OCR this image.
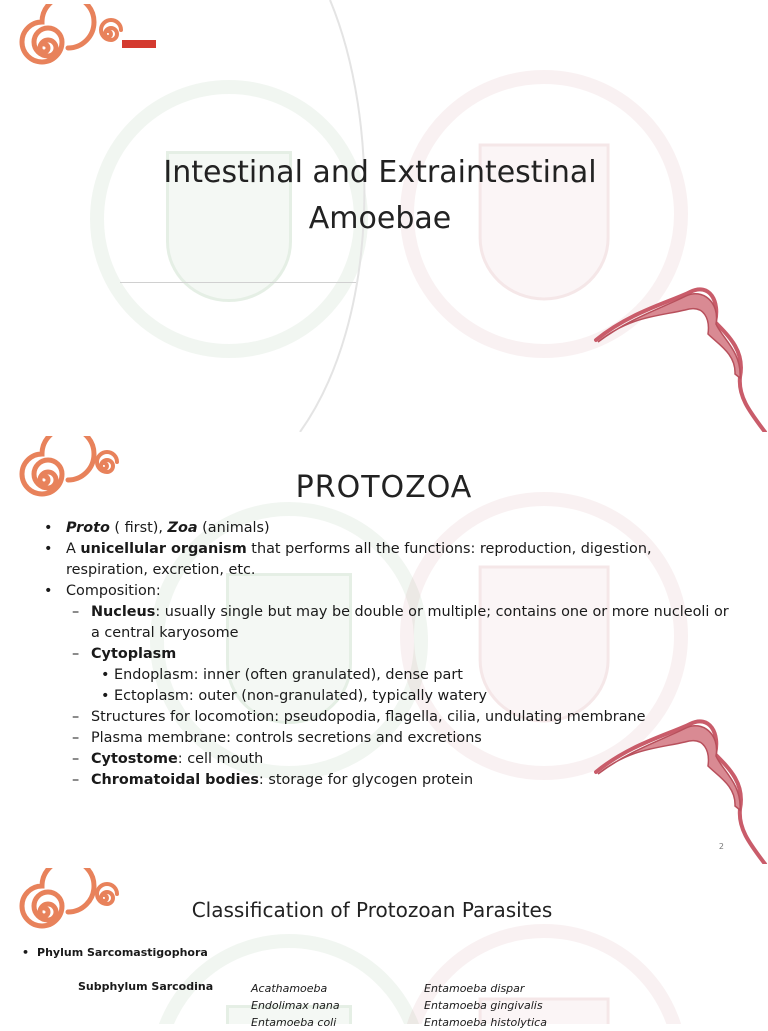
Intestinal and Extraintestinal
Amoebae
PROTOZOA
• Proto ( first), Zoa (animals)
• A unicellular organism that performs all the functions: reproduction, digestion, respiration, excretion, etc.
• Composition:
– Nucleus: usually single but may be double or multiple; contains one or more nucleoli or a central karyosome
– Cytoplasm
• Endoplasm: inner (often granulated), dense part
• Ectoplasm: outer (non-granulated), typically watery
– Structures for locomotion: pseudopodia, flagella, cilia, undulating membrane
– Plasma membrane: controls secretions and excretions
– Cytostome: cell mouth
– Chromatoidal bodies: storage for glycogen protein
2
Classification of Protozoan Parasites
• Phylum Sarcomastigophora
Subphylum Sarcodina	Acathamoeba
Endolimax nana
Entamoeba coli
Entamoeba dispar
Entamoeba gingivalis
Entamoeba histolytica
